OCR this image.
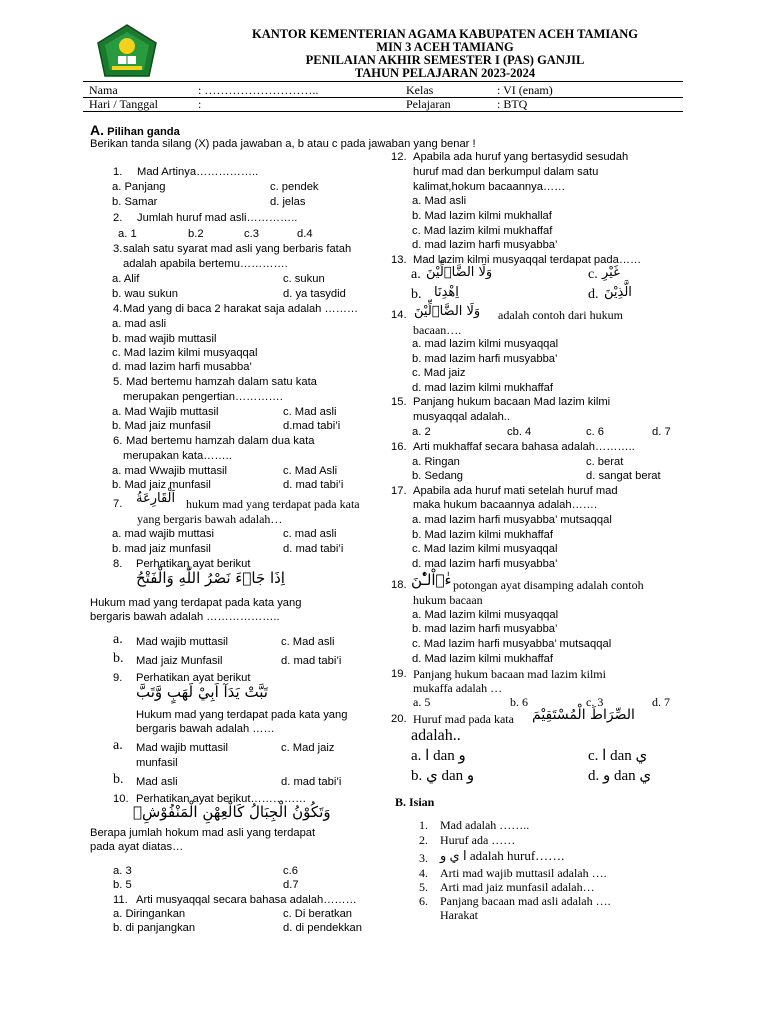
KANTOR KEMENTERIAN AGAMA KABUPATEN ACEH TAMIANG
MIN 3 ACEH TAMIANG
PENILAIAN AKHIR SEMESTER I (PAS) GANJIL
TAHUN PELAJARAN 2023-2024
Nama	: ………………………..	Kelas	: VI (enam)
Hari / Tanggal	:	Pelajaran	: BTQ
A. Pilihan ganda
Berikan tanda silang (X) pada jawaban a, b atau c pada jawaban yang benar !
1. Mad Artinya……………..
a. Panjang	c. pendek
b. Samar	d. jelas
2. Jumlah huruf mad asli…………..
a. 1	b.2	c.3	d.4
3. salah satu syarat mad asli yang berbaris fatah
adalah apabila bertemu………….
a. Alif	c. sukun
b. wau sukun	d. ya tasydid
4. Mad yang di baca 2 harakat saja adalah ………
a. mad asli
b. mad wajib muttasil
c. Mad lazim kilmi musyaqqal
d. mad lazim harfi musabba’
5. Mad bertemu hamzah dalam satu kata
merupakan pengertian………….
a. Mad Wajib muttasil	c. Mad asli
b. Mad jaiz munfasil	d.mad tabi’i
6. Mad bertemu hamzah dalam dua kata
merupakan kata……..
a. mad Wwajib muttasil	c. Mad Asli
b. Mad jaiz munfasil	d. mad tabi’i
7. اَلْقَارِعَةُ hukum mad yang terdapat pada kata
yang bergaris bawah adalah…
a. mad wajib muttasi	c. mad asli
b. mad jaiz munfasil	d. mad tabi’i
8. Perhatikan ayat berikut
اِذَا جَاۤءَ نَصْرُ اللّٰهِ وَالْفَتْحُ
Hukum mad yang terdapat pada kata yang
bergaris bawah adalah ………………..
a. Mad wajib muttasil	c. Mad asli
b. Mad jaiz Munfasil	d. mad tabi’i
9. Perhatikan ayat berikut
تَبَّتْ يَدَآ اَبِيْ لَهَبٍ وَّتَبَّ
Hukum mad yang terdapat pada kata yang
bergaris bawah adalah ……
a. Mad wajib muttasil	c. Mad jaiz
munfasil
b. Mad asli	d. mad tabi’i
10. Perhatikan ayat berikut……………
وَتَكُوْنُ الْجِبَالُ كَالْعِهْنِ الْمَنْفُوْشِۗ
Berapa jumlah hokum mad asli yang terdapat
pada ayat diatas…
a. 3	c.6
b. 5	d.7
11. Arti musyaqqal secara bahasa adalah………
a. Diringankan	c. Di beratkan
b. di panjangkan	d. di pendekkan
12. Apabila ada huruf yang bertasydid sesudah
huruf mad dan berkumpul dalam satu
kalimat,hokum bacaannya……
a. Mad asli
b. Mad lazim kilmi mukhallaf
c. Mad lazim kilmi mukhaffaf
d. mad lazim harfi musyabba’
13. Mad lazim kilmi musyaqqal terdapat pada……
a. وَلَا الضَّاۤلِّيْنَ	c. غَيْرِ
b. اِهْدِنَا	d. الَّذِيْنَ
14. وَلَا الضَّاۤلِّيْنَ adalah contoh dari hukum
bacaan….
a. mad lazim kilmi musyaqqal
b. mad lazim harfi musyabba’
c. Mad jaiz
d. mad lazim kilmi mukhaffaf
15. Panjang hukum bacaan Mad lazim kilmi
musyaqqal adalah..
a. 2	cb. 4	c. 6	d. 7
16. Arti mukhaffaf secara bahasa adalah………..
a. Ringan	c. berat
b. Sedang	d. sangat berat
17. Apabila ada huruf mati setelah huruf mad
maka hukum bacaannya adalah…….
a. mad lazim harfi musyabba’ mutsaqqal
b. Mad lazim kilmi mukhaffaf
c. Mad lazim kilmi musyaqqal
d. mad lazim harfi musyabba’
18. ءٰۤاْلـْٰٔنَ potongan ayat disamping adalah contoh
hukum bacaan
a. Mad lazim kilmi musyaqqal
b. mad lazim harfi musyabba’
c. Mad lazim harfi musyabba’ mutsaqqal
d. Mad lazim kilmi mukhaffaf
19. Panjang hukum bacaan mad lazim kilmi
mukaffa adalah …
a. 5	b. 6	c. 3	d. 7
20. Huruf mad pada kata الصِّرَاطَ الْمُسْتَقِيْمَ
adalah..
a. ا dan و	c. ا dan ي
b. ي dan و	d. و dan ي
B. Isian
1. Mad adalah ……..
2. Huruf ada ……
3. ا ي و adalah huruf…….
4. Arti mad wajib muttasil adalah ….
5. Arti mad jaiz munfasil adalah…
6. Panjang bacaan mad asli adalah ….
Harakat
